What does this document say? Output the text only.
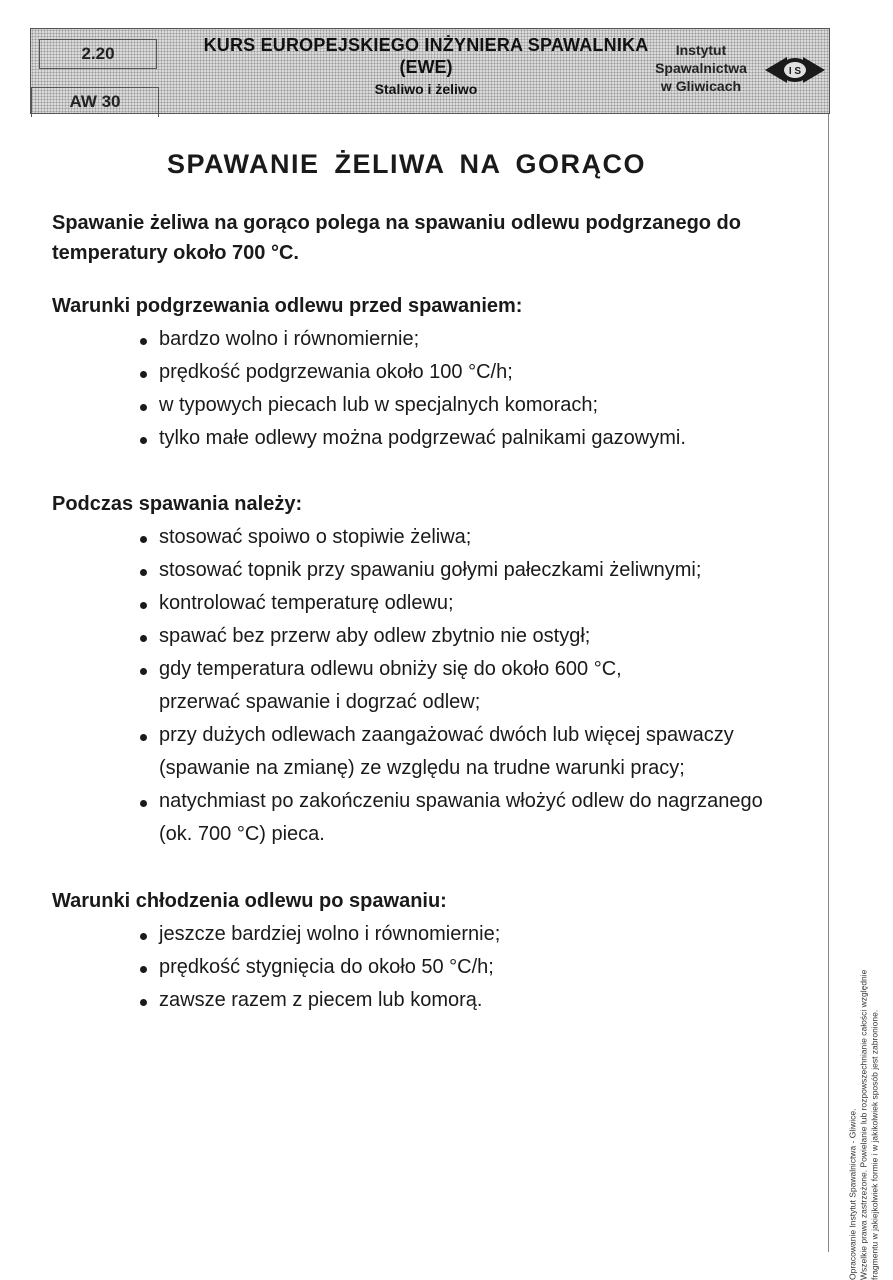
2.20
AW 30
KURS EUROPEJSKIEGO INŻYNIERA SPAWALNIKA
(EWE)
Staliwo i żeliwo
Instytut
Spawalnictwa
w Gliwicach
I S
Opracowanie Instytut Spawalnictwa - Gliwice. Wszelkie prawa zastrzeżone. Powielanie lub rozpowszechnianie całości względnie fragmentu w jakiejkolwiek formie i w jakikolwiek sposób jest zabronione.
SPAWANIE ŻELIWA NA GORĄCO
Spawanie żeliwa na gorąco polega na spawaniu odlewu podgrzanego do temperatury około 700 °C.
Warunki podgrzewania odlewu przed spawaniem:
bardzo wolno i równomiernie;
prędkość podgrzewania około 100 °C/h;
w typowych piecach lub w specjalnych komorach;
tylko małe odlewy można podgrzewać palnikami gazowymi.
Podczas spawania należy:
stosować spoiwo o stopiwie żeliwa;
stosować topnik przy spawaniu gołymi pałeczkami żeliwnymi;
kontrolować temperaturę odlewu;
spawać bez przerw aby odlew zbytnio nie ostygł;
gdy temperatura odlewu obniży się do około 600 °C, przerwać spawanie i dogrzać odlew;
przy dużych odlewach zaangażować dwóch lub więcej spawaczy (spawanie na zmianę) ze względu na trudne warunki pracy;
natychmiast po zakończeniu spawania włożyć odlew do nagrzanego (ok. 700 °C) pieca.
Warunki chłodzenia odlewu po spawaniu:
jeszcze bardziej wolno i równomiernie;
prędkość stygnięcia do około 50 °C/h;
zawsze razem z piecem lub komorą.
